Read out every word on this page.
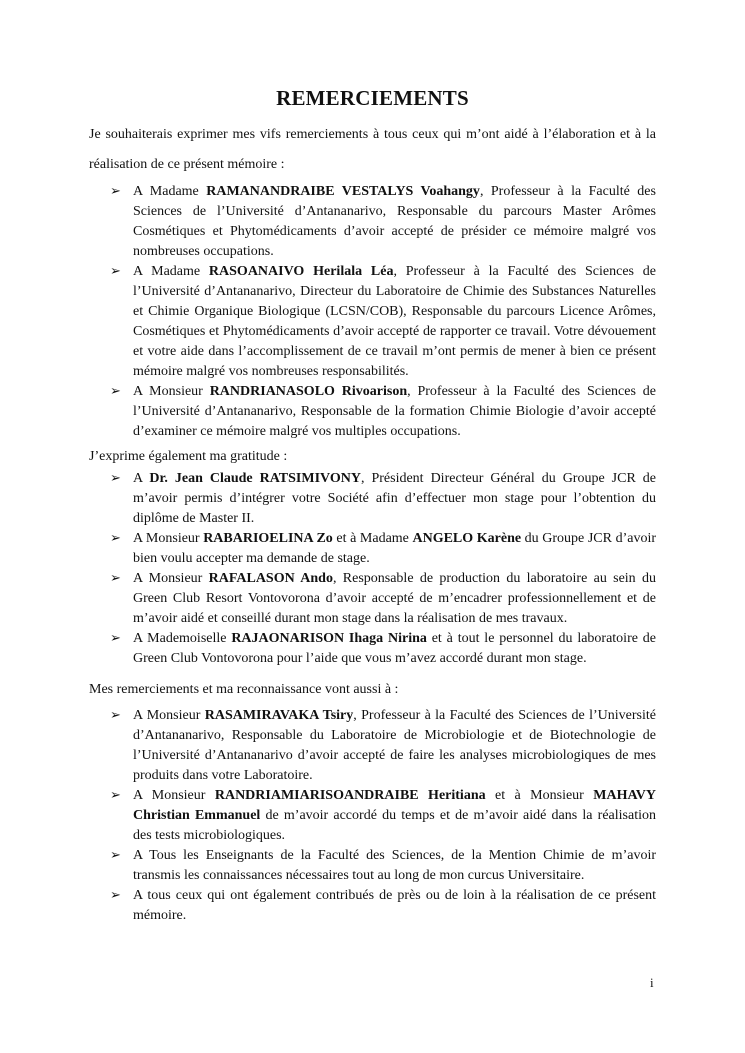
REMERCIEMENTS
Je souhaiterais exprimer mes vifs remerciements à tous ceux qui m’ont aidé à l’élaboration et à la réalisation de ce présent mémoire :
➢ A Madame RAMANANDRAIBE VESTALYS Voahangy, Professeur à la Faculté des Sciences de l’Université d’Antananarivo, Responsable du parcours Master Arômes Cosmétiques et Phytomédicaments d’avoir accepté de présider ce mémoire malgré vos nombreuses occupations.
➢ A Madame RASOANAIVO Herilala Léa, Professeur à la Faculté des Sciences de l’Université d’Antananarivo, Directeur du Laboratoire de Chimie des Substances Naturelles et Chimie Organique Biologique (LCSN/COB), Responsable du parcours Licence Arômes, Cosmétiques et Phytomédicaments d’avoir accepté de rapporter ce travail. Votre dévouement et votre aide dans l’accomplissement de ce travail m’ont permis de mener à bien ce présent mémoire malgré vos nombreuses responsabilités.
➢ A Monsieur RANDRIANASOLO Rivoarison, Professeur à la Faculté des Sciences de l’Université d’Antananarivo, Responsable de la formation Chimie Biologie d’avoir accepté d’examiner ce mémoire malgré vos multiples occupations.
J’exprime également ma gratitude :
➢ A Dr. Jean Claude RATSIMIVONY, Président Directeur Général du Groupe JCR de m’avoir permis d’intégrer votre Société afin d’effectuer mon stage pour l’obtention du diplôme de Master II.
➢ A Monsieur RABARIOELINA Zo et à Madame ANGELO Karène du Groupe JCR d’avoir bien voulu accepter ma demande de stage.
➢ A Monsieur RAFALASON Ando, Responsable de production du laboratoire au sein du Green Club Resort Vontovorona d’avoir accepté de m’encadrer professionnellement et de m’avoir aidé et conseillé durant mon stage dans la réalisation de mes travaux.
➢ A Mademoiselle RAJAONARISON Ihaga Nirina et à tout le personnel du laboratoire de Green Club Vontovorona pour l’aide que vous m’avez accordé durant mon stage.
Mes remerciements et ma reconnaissance vont aussi à :
➢ A Monsieur RASAMIRAVAKA Tsiry, Professeur à la Faculté des Sciences de l’Université d’Antananarivo, Responsable du Laboratoire de Microbiologie et de Biotechnologie de l’Université d’Antananarivo d’avoir accepté de faire les analyses microbiologiques de mes produits dans votre Laboratoire.
➢ A Monsieur RANDRIAMIARISOANDRAIBE Heritiana et à Monsieur MAHAVY Christian Emmanuel de m’avoir accordé du temps et de m’avoir aidé dans la réalisation des tests microbiologiques.
➢ A Tous les Enseignants de la Faculté des Sciences, de la Mention Chimie de m’avoir transmis les connaissances nécessaires tout au long de mon curcus Universitaire.
➢ A tous ceux qui ont également contribués de près ou de loin à la réalisation de ce présent mémoire.
i
